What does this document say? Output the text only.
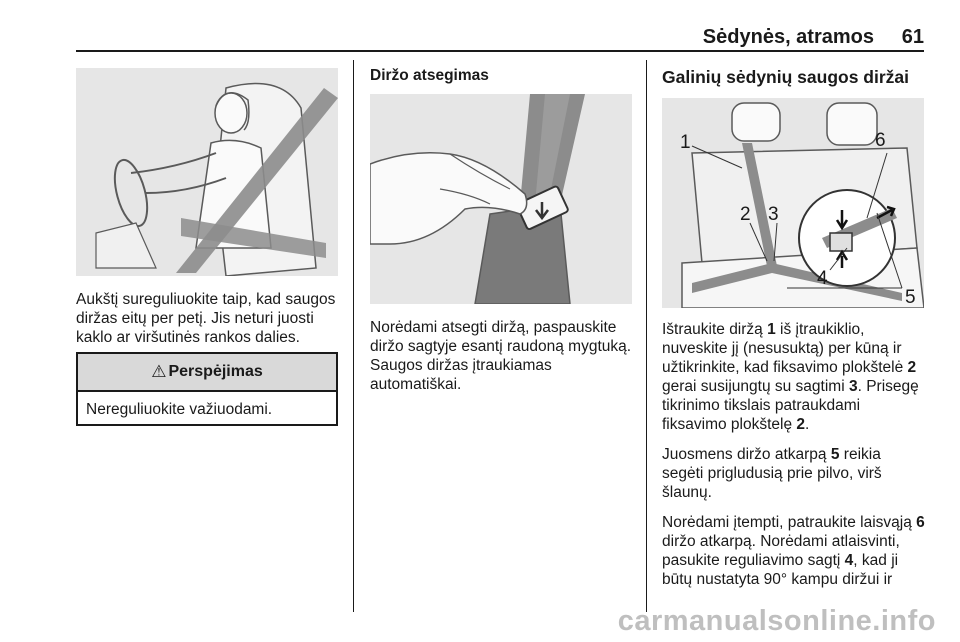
Sėdynės, atramos 61
Aukštį sureguliuokite taip, kad saugos diržas eitų per petį. Jis neturi juosti kaklo ar viršutinės rankos dalies.
⚠ Perspėjimas
Nereguliuokite važiuodami.
Diržo atsegimas
Norėdami atsegti diržą, paspauskite diržo sagtyje esantį raudoną mygtuką. Saugos diržas įtraukiamas automatiškai.
Galinių sėdynių saugos diržai
1
2 3
4
5
6

Ištraukite diržą 1 iš įtraukiklio, nuveskite jį (nesusuktą) per kūną ir užtikrinkite, kad fiksavimo plokštelė 2 gerai susijungtų su sagtimi 3. Prisegę tikrinimo tikslais patraukdami fiksavimo plokštelę 2.

Juosmens diržo atkarpą 5 reikia segėti prigludusią prie pilvo, virš šlaunų.

Norėdami įtempti, patraukite laisvąją 6 diržo atkarpą. Norėdami atlaisvinti, pasukite reguliavimo sagtį 4, kad ji būtų nustatyta 90° kampu diržui ir

carmanualsonline.info
